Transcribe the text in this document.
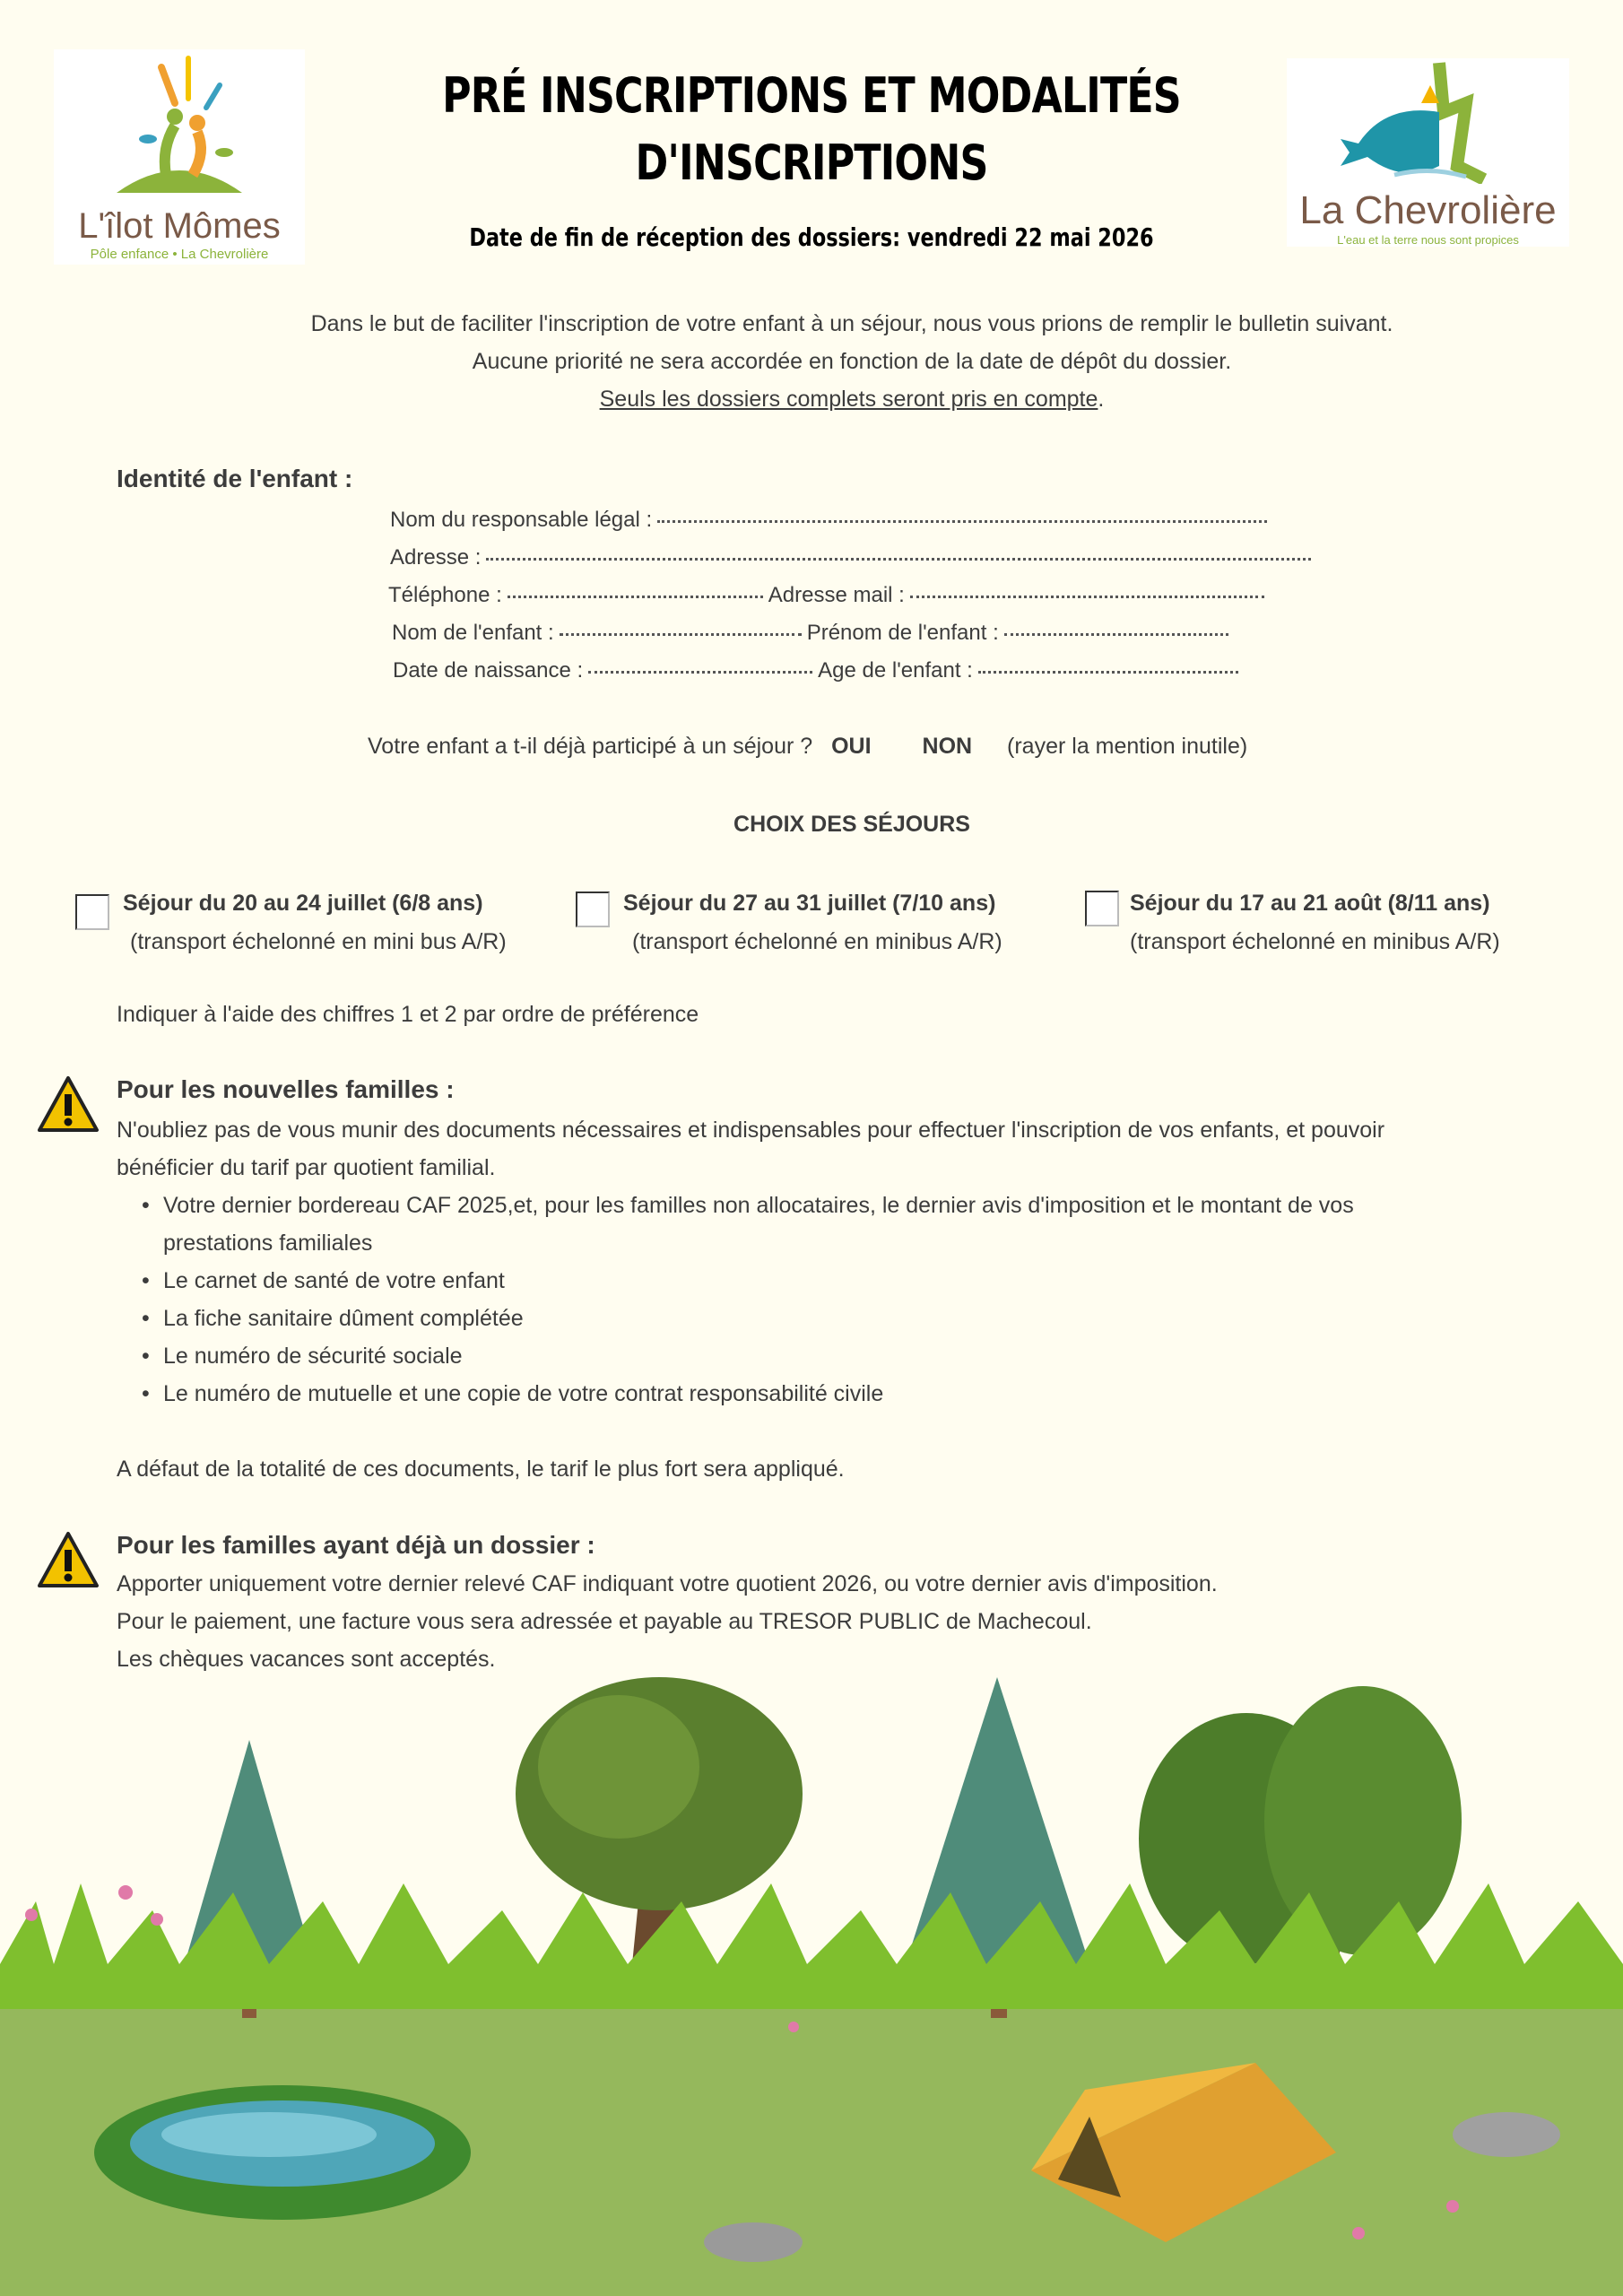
L'îlot Mômes
Pôle enfance • La Chevrolière
La Chevrolière
L'eau et la terre nous sont propices
PRÉ INSCRIPTIONS ET MODALITÉS
D'INSCRIPTIONS
Date de fin de réception des dossiers: vendredi 22 mai 2026
Dans le but de faciliter l'inscription de votre enfant à un séjour, nous vous prions de remplir le bulletin suivant.
Aucune priorité ne sera accordée en fonction de la date de dépôt du dossier.
Seuls les dossiers complets seront pris en compte.
Identité de l'enfant :
Nom du responsable légal :
Adresse :
Téléphone :	Adresse mail :
Nom de l'enfant :	Prénom de l'enfant :
Date de naissance :	Age de l'enfant :
Votre enfant a t-il déjà participé à un séjour ? OUI NON (rayer la mention inutile)
CHOIX DES SÉJOURS
Séjour du 20 au 24 juillet (6/8 ans)
(transport échelonné en mini bus A/R)
Séjour du 27 au 31 juillet (7/10 ans)
(transport échelonné en minibus A/R)
Séjour du 17 au 21 août (8/11 ans)
(transport échelonné en minibus A/R)
Indiquer à l'aide des chiffres 1 et 2 par ordre de préférence
Pour les nouvelles familles :
N'oubliez pas de vous munir des documents nécessaires et indispensables pour effectuer l'inscription de vos enfants, et pouvoir
bénéficier du tarif par quotient familial.
• Votre dernier bordereau CAF 2025,et, pour les familles non allocataires, le dernier avis d'imposition et le montant de vos
prestations familiales
• Le carnet de santé de votre enfant
• La fiche sanitaire dûment complétée
• Le numéro de sécurité sociale
• Le numéro de mutuelle et une copie de votre contrat responsabilité civile
A défaut de la totalité de ces documents, le tarif le plus fort sera appliqué.
Pour les familles ayant déjà un dossier :
Apporter uniquement votre dernier relevé CAF indiquant votre quotient 2026, ou votre dernier avis d'imposition.
Pour le paiement, une facture vous sera adressée et payable au TRESOR PUBLIC de Machecoul.
Les chèques vacances sont acceptés.
